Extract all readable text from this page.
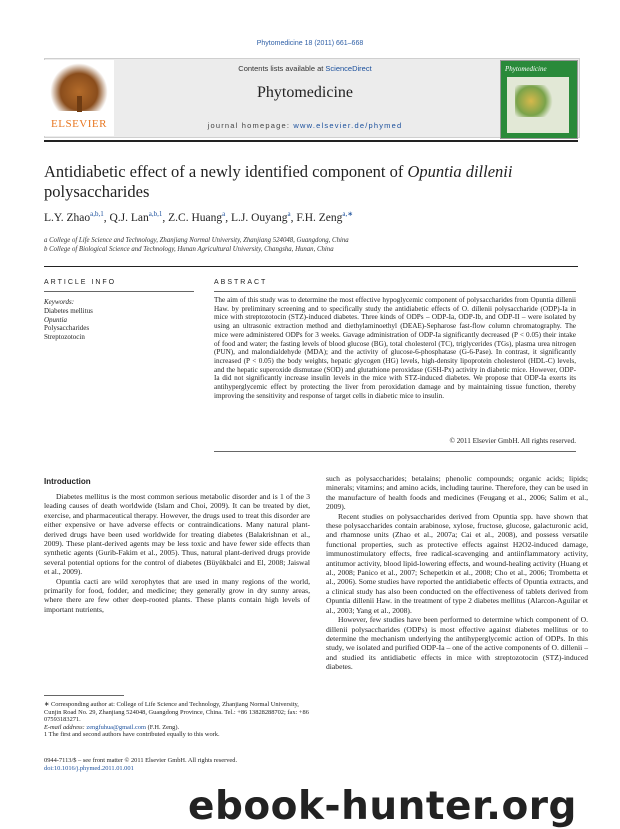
Phytomedicine 18 (2011) 661–668
ELSEVIER
Contents lists available at ScienceDirect
Phytomedicine
journal homepage: www.elsevier.de/phymed
Phytomedicine
Antidiabetic effect of a newly identified component of Opuntia dillenii polysaccharides
L.Y. Zhao$^{a,b,1}$, Q.J. Lan$^{a,b,1}$, Z.C. Huang$^a$, L.J. Ouyang$^a$, F.H. Zeng$^{a,∗}$
a College of Life Science and Technology, Zhanjiang Normal University, Zhanjiang 524048, Guangdong, China
b College of Biological Science and Technology, Hunan Agricultural University, Changsha, Hunan, China
ARTICLE INFO	ABSTRACT
Keywords:
Diabetes mellitus
Opuntia
Polysaccharides
Streptozotocin
The aim of this study was to determine the most effective hypoglycemic component of polysaccharides from Opuntia dillenii Haw. by preliminary screening and to specifically study the antidiabetic effects of O. dillenii polysaccharide (ODP)-Ia in mice with streptozotocin (STZ)-induced diabetes. Three kinds of ODPs – ODP-Ia, ODP-Ib, and ODP-II – were isolated by using an ultrasonic extraction method and diethylaminoethyl (DEAE)-Sepharose fast-flow column chromatography. The mice were administered ODPs for 3 weeks. Gavage administration of ODP-Ia significantly decreased (P < 0.05) their intake of food and water; the fasting levels of blood glucose (BG), total cholesterol (TC), triglycerides (TGs), plasma urea nitrogen (PUN), and malondialdehyde (MDA); and the activity of glucose-6-phosphatase (G-6-Pase). In contrast, it significantly increased (P < 0.05) the body weights, hepatic glycogen (HG) levels, high-density lipoprotein cholesterol (HDL-C) levels, and the hepatic superoxide dismutase (SOD) and glutathione peroxidase (GSH-Px) activity in diabetic mice. However, ODP-Ia did not significantly increase insulin levels in the mice with STZ-induced diabetes. We propose that ODP-Ia exerts its antihyperglycemic effect by protecting the liver from peroxidation damage and by maintaining tissue function, thereby improving the sensitivity and response of target cells in diabetic mice to insulin.
© 2011 Elsevier GmbH. All rights reserved.
Introduction

Diabetes mellitus is the most common serious metabolic disorder and is 1 of the 3 leading causes of death worldwide (Islam and Choi, 2009). It can be treated by diet, exercise, and pharmaceutical therapy. However, the drugs used to treat this disorder are either expensive or have adverse effects or contraindications. Many natural plant-derived drugs have been used worldwide for treating diabetes (Balakrishnan et al., 2009). These plant-derived agents may be less toxic and have fewer side effects than synthetic agents (Gurib-Fakim et al., 2005). Thus, natural plant-derived drugs provide several potential options for the control of diabetes (Büyükbalci and El, 2008; Jaiswal et al., 2009).

Opuntia cacti are wild xerophytes that are used in many regions of the world, primarily for food, fodder, and medicine; they generally grow in dry sunny areas, where there are few other deep-rooted plants. These plants contain high levels of important nutrients,

such as polysaccharides; betalains; phenolic compounds; organic acids; lipids; minerals; vitamins; and amino acids, including taurine. Therefore, they can be used in the manufacture of health foods and medicines (Feugang et al., 2006; Salim et al., 2009).

Recent studies on polysaccharides derived from Opuntia spp. have shown that these polysaccharides contain arabinose, xylose, fructose, glucose, galacturonic acid, and rhamnose units (Zhao et al., 2007a; Cai et al., 2008), and possess versatile functional properties, such as protective effects against H2O2-induced damage, immunostimulatory effects, free radical-scavenging and antiinflammatory activity, antitumor activity, blood lipid-lowering effects, and wound-healing activity (Huang et al., 2008; Panico et al., 2007; Schepetkin et al., 2008; Cho et al., 2006; Trombetta et al., 2006). Some studies have reported the antidiabetic effects of Opuntia extracts, and a clinical study has also been conducted on the effectiveness of tablets derived from Opuntia dillenii Haw. in the treatment of type 2 diabetes mellitus (Alarcon-Aguilar et al., 2003; Yang et al., 2008).

However, few studies have been performed to determine which component of O. dillenii polysaccharides (ODPs) is most effective against diabetes mellitus or to determine the mechanism underlying the antihyperglycemic action of ODPs. In this study, we isolated and purified ODP-Ia – one of the active components of O. dillenii – and studied its antidiabetic effects in mice with streptozotocin (STZ)-induced diabetes.

∗ Corresponding author at: College of Life Science and Technology, Zhanjiang Normal University, Cunjin Road No. 29, Zhanjiang 524048, Guangdong Province, China. Tel.: +86 13828288702; fax: +86 07593183271.
E-mail address: zengfuhua@gmail.com (F.H. Zeng).
1 The first and second authors have contributed equally to this work.
0944-7113/$ – see front matter © 2011 Elsevier GmbH. All rights reserved.
doi:10.1016/j.phymed.2011.01.001
ebook-hunter.org
